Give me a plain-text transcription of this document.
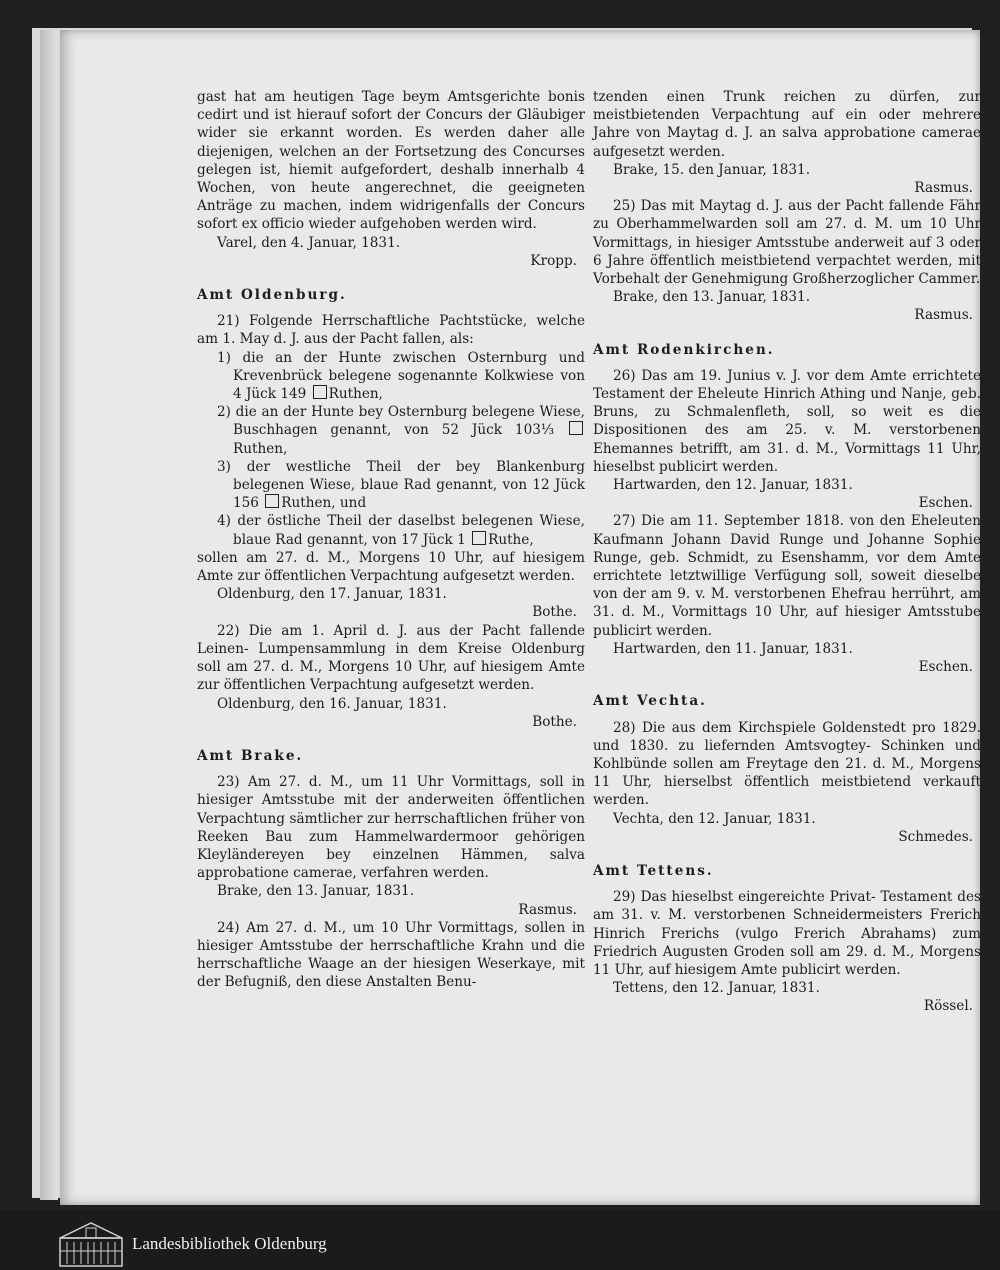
gast hat am heutigen Tage beym Amtsgerichte bonis cedirt und ist hierauf sofort der Concurs der Gläubiger wider sie erkannt worden. Es werden daher alle diejenigen, welchen an der Fortsetzung des Concurses gelegen ist, hiemit aufgefordert, deshalb innerhalb 4 Wochen, von heute angerechnet, die geeigneten Anträge zu machen, indem widrigenfalls der Concurs sofort ex officio wieder aufgehoben werden wird.

Varel, den 4. Januar, 1831.

Kropp.

Amt Oldenburg.

21) Folgende Herrschaftliche Pachtstücke, welche am 1. May d. J. aus der Pacht fallen, als:

1) die an der Hunte zwischen Osternburg und Krevenbrück belegene sogenannte Kolkwiese von 4 Jück 149 Ruthen,

2) die an der Hunte bey Osternburg belegene Wiese, Buschhagen genannt, von 52 Jück 103⅓ Ruthen,

3) der westliche Theil der bey Blankenburg belegenen Wiese, blaue Rad genannt, von 12 Jück 156 Ruthen, und

4) der östliche Theil der daselbst belegenen Wiese, blaue Rad genannt, von 17 Jück 1 Ruthe,

sollen am 27. d. M., Morgens 10 Uhr, auf hiesigem Amte zur öffentlichen Verpachtung aufgesetzt werden.

Oldenburg, den 17. Januar, 1831.

Bothe.

22) Die am 1. April d. J. aus der Pacht fallende Leinen- Lumpensammlung in dem Kreise Oldenburg soll am 27. d. M., Morgens 10 Uhr, auf hiesigem Amte zur öffentlichen Verpachtung aufgesetzt werden.

Oldenburg, den 16. Januar, 1831.

Bothe.

Amt Brake.

23) Am 27. d. M., um 11 Uhr Vormittags, soll in hiesiger Amtsstube mit der anderweiten öffentlichen Verpachtung sämtlicher zur herrschaftlichen früher von Reeken Bau zum Hammelwardermoor gehörigen Kleyländereyen bey einzelnen Hämmen, salva approbatione camerae, verfahren werden.

Brake, den 13. Januar, 1831.

Rasmus.

24) Am 27. d. M., um 10 Uhr Vormittags, sollen in hiesiger Amtsstube der herrschaftliche Krahn und die herrschaftliche Waage an der hiesigen Weserkaye, mit der Befugniß, den diese Anstalten Benu-

tzenden einen Trunk reichen zu dürfen, zur meistbietenden Verpachtung auf ein oder mehrere Jahre von Maytag d. J. an salva approbatione camerae aufgesetzt werden.

Brake, 15. den Januar, 1831.

Rasmus.

25) Das mit Maytag d. J. aus der Pacht fallende Fähr zu Oberhammelwarden soll am 27. d. M. um 10 Uhr Vormittags, in hiesiger Amtsstube anderweit auf 3 oder 6 Jahre öffentlich meistbietend verpachtet werden, mit Vorbehalt der Genehmigung Großherzoglicher Cammer.

Brake, den 13. Januar, 1831.

Rasmus.

Amt Rodenkirchen.

26) Das am 19. Junius v. J. vor dem Amte errichtete Testament der Eheleute Hinrich Athing und Nanje, geb. Bruns, zu Schmalenfleth, soll, so weit es die Dispositionen des am 25. v. M. verstorbenen Ehemannes betrifft, am 31. d. M., Vormittags 11 Uhr, hieselbst publicirt werden.

Hartwarden, den 12. Januar, 1831.

Eschen.

27) Die am 11. September 1818. von den Eheleuten Kaufmann Johann David Runge und Johanne Sophie Runge, geb. Schmidt, zu Esenshamm, vor dem Amte errichtete letztwillige Verfügung soll, soweit dieselbe von der am 9. v. M. verstorbenen Ehefrau herrührt, am 31. d. M., Vormittags 10 Uhr, auf hiesiger Amtsstube publicirt werden.

Hartwarden, den 11. Januar, 1831.

Eschen.

Amt Vechta.

28) Die aus dem Kirchspiele Goldenstedt pro 1829. und 1830. zu liefernden Amtsvogtey- Schinken und Kohlbünde sollen am Freytage den 21. d. M., Morgens 11 Uhr, hierselbst öffentlich meistbietend verkauft werden.

Vechta, den 12. Januar, 1831.

Schmedes.

Amt Tettens.

29) Das hieselbst eingereichte Privat- Testament des am 31. v. M. verstorbenen Schneidermeisters Frerich Hinrich Frerichs (vulgo Frerich Abrahams) zum Friedrich Augusten Groden soll am 29. d. M., Morgens 11 Uhr, auf hiesigem Amte publicirt werden.

Tettens, den 12. Januar, 1831.

Rössel.

Landesbibliothek Oldenburg
